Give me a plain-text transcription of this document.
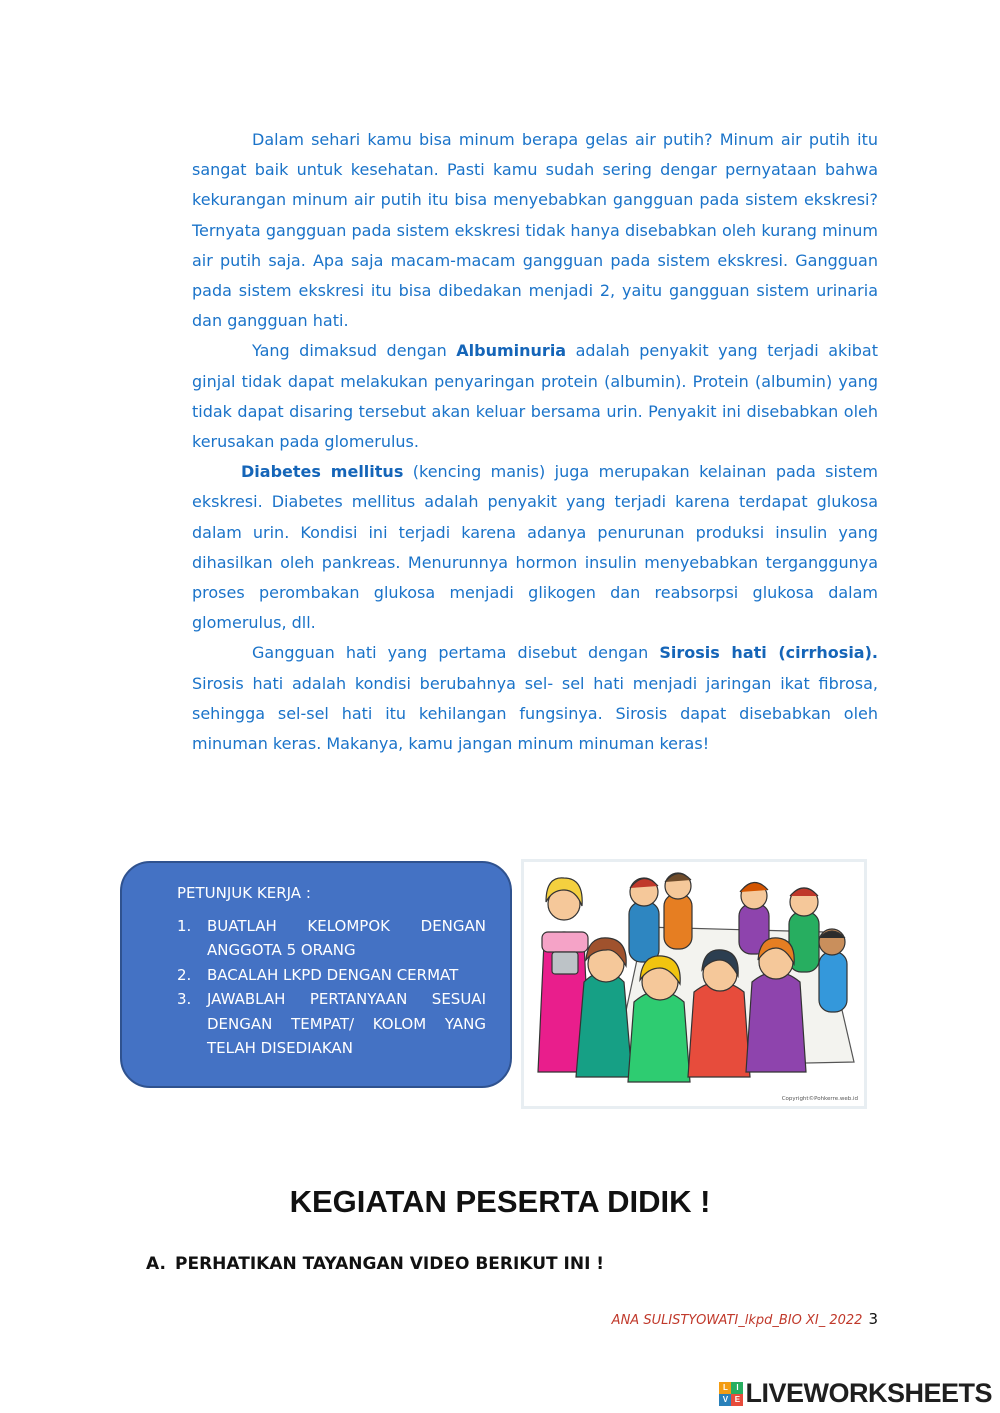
Dalam sehari kamu bisa minum berapa gelas air putih? Minum air putih itu sangat baik untuk kesehatan. Pasti kamu sudah sering dengar pernyataan bahwa kekurangan minum air putih itu bisa menyebabkan gangguan pada sistem ekskresi? Ternyata gangguan pada sistem ekskresi tidak hanya disebabkan oleh kurang minum air putih saja. Apa saja macam-macam gangguan pada sistem ekskresi. Gangguan pada sistem ekskresi itu bisa dibedakan menjadi 2, yaitu gangguan sistem urinaria dan gangguan hati.

Yang dimaksud dengan Albuminuria adalah penyakit yang terjadi akibat ginjal tidak dapat melakukan penyaringan protein (albumin). Protein (albumin) yang tidak dapat disaring tersebut akan keluar bersama urin. Penyakit ini disebabkan oleh kerusakan pada glomerulus.

Diabetes mellitus (kencing manis) juga merupakan kelainan pada sistem ekskresi. Diabetes mellitus adalah penyakit yang terjadi karena terdapat glukosa dalam urin. Kondisi ini terjadi karena adanya penurunan produksi insulin yang dihasilkan oleh pankreas. Menurunnya hormon insulin menyebabkan terganggunya proses perombakan glukosa menjadi glikogen dan reabsorpsi glukosa dalam glomerulus, dll.

Gangguan hati yang pertama disebut dengan Sirosis hati (cirrhosia). Sirosis hati adalah kondisi berubahnya sel- sel hati menjadi jaringan ikat fibrosa, sehingga sel-sel hati itu kehilangan fungsinya. Sirosis dapat disebabkan oleh minuman keras. Makanya, kamu jangan minum minuman keras!

PETUNJUK KERJA :
1. BUATLAH KELOMPOK DENGAN ANGGOTA 5 ORANG
2. BACALAH LKPD DENGAN CERMAT
3. JAWABLAH PERTANYAAN SESUAI DENGAN TEMPAT/ KOLOM YANG TELAH DISEDIAKAN
Copyright©Pohkerre.web.id
KEGIATAN PESERTA DIDIK !
A. PERHATIKAN TAYANGAN VIDEO BERIKUT INI !
ANA SULISTYOWATI_lkpd_BIO XI_ 2022 3
L	I
V E LIVEWORKSHEETS
